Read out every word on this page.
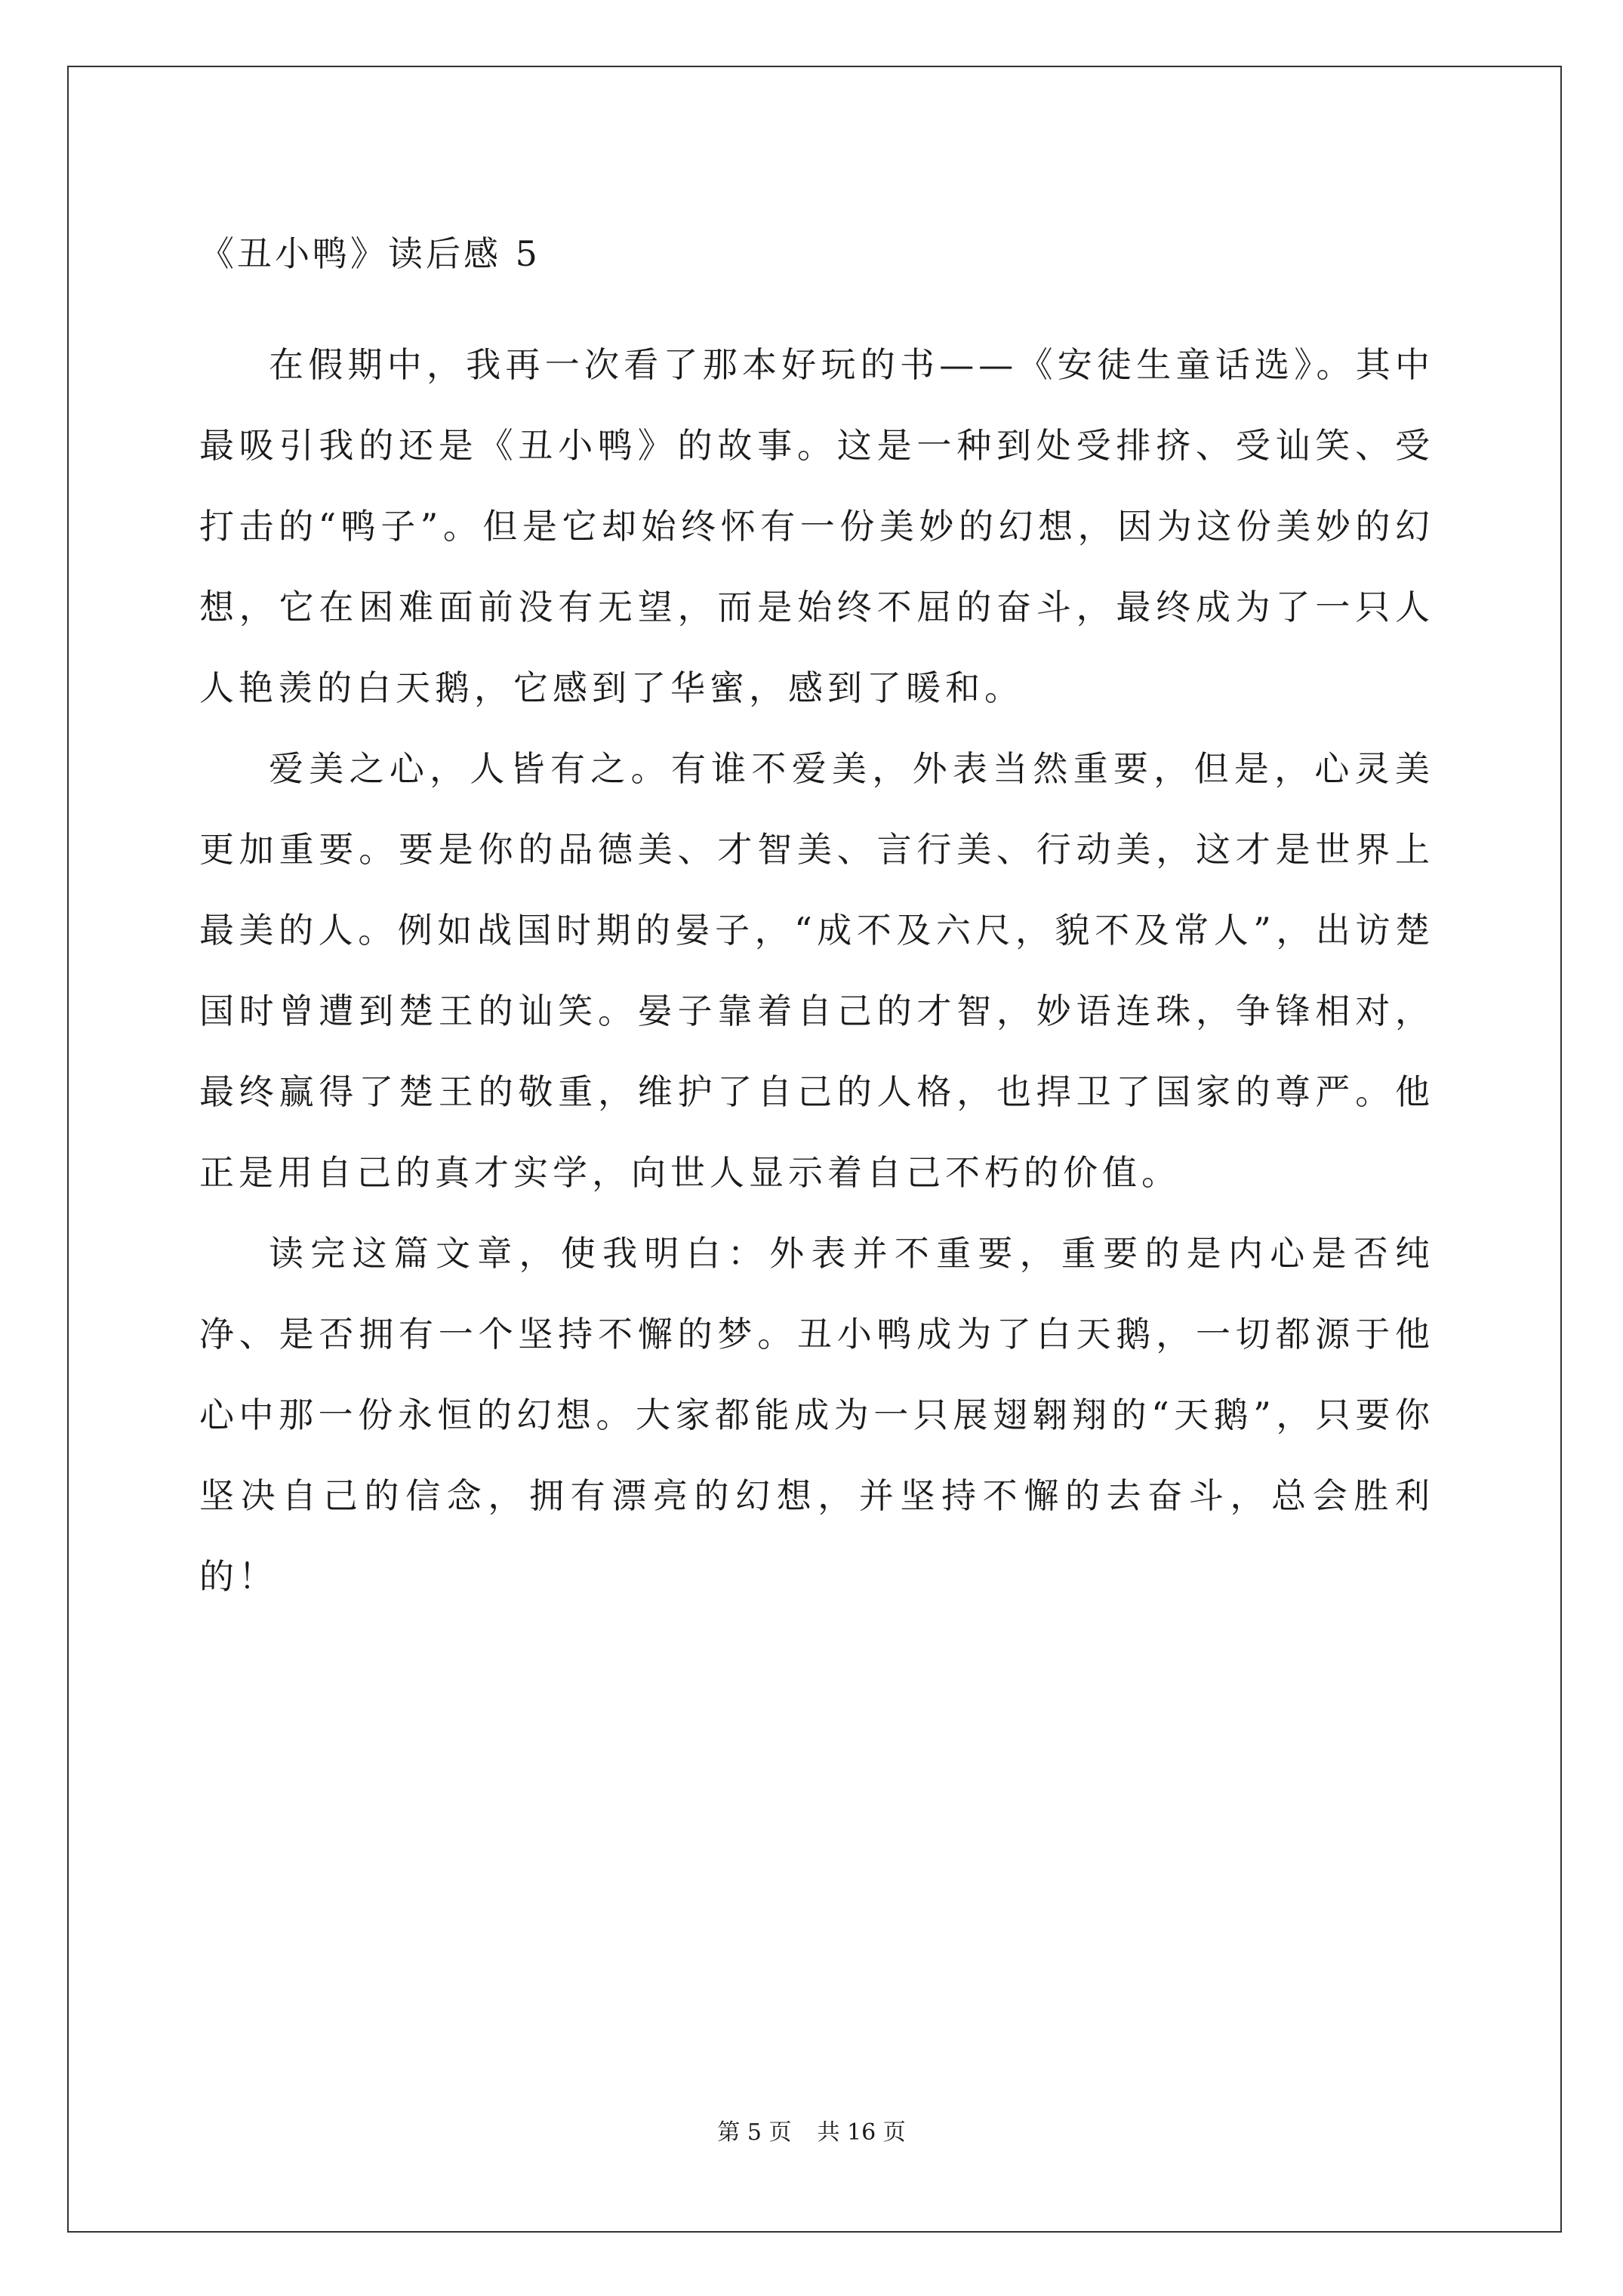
《丑小鸭》读后感 5

在假期中，我再一次看了那本好玩的书——《安徒生童话选》。其中最吸引我的还是《丑小鸭》的故事。这是一种到处受排挤、受讪笑、受打击的“鸭子”。但是它却始终怀有一份美妙的幻想，因为这份美妙的幻想，它在困难面前没有无望，而是始终不屈的奋斗，最终成为了一只人人艳羡的白天鹅，它感到了华蜜，感到了暖和。

爱美之心，人皆有之。有谁不爱美，外表当然重要，但是，心灵美更加重要。要是你的品德美、才智美、言行美、行动美，这才是世界上最美的人。例如战国时期的晏子，“成不及六尺，貌不及常人”，出访楚国时曾遭到楚王的讪笑。晏子靠着自己的才智，妙语连珠，争锋相对，最终赢得了楚王的敬重，维护了自己的人格，也捍卫了国家的尊严。他正是用自己的真才实学，向世人显示着自己不朽的价值。

读完这篇文章，使我明白：外表并不重要，重要的是内心是否纯净、是否拥有一个坚持不懈的梦。丑小鸭成为了白天鹅，一切都源于他心中那一份永恒的幻想。大家都能成为一只展翅翱翔的“天鹅”，只要你坚决自己的信念，拥有漂亮的幻想，并坚持不懈的去奋斗，总会胜利的！

第 5 页 共 16 页
